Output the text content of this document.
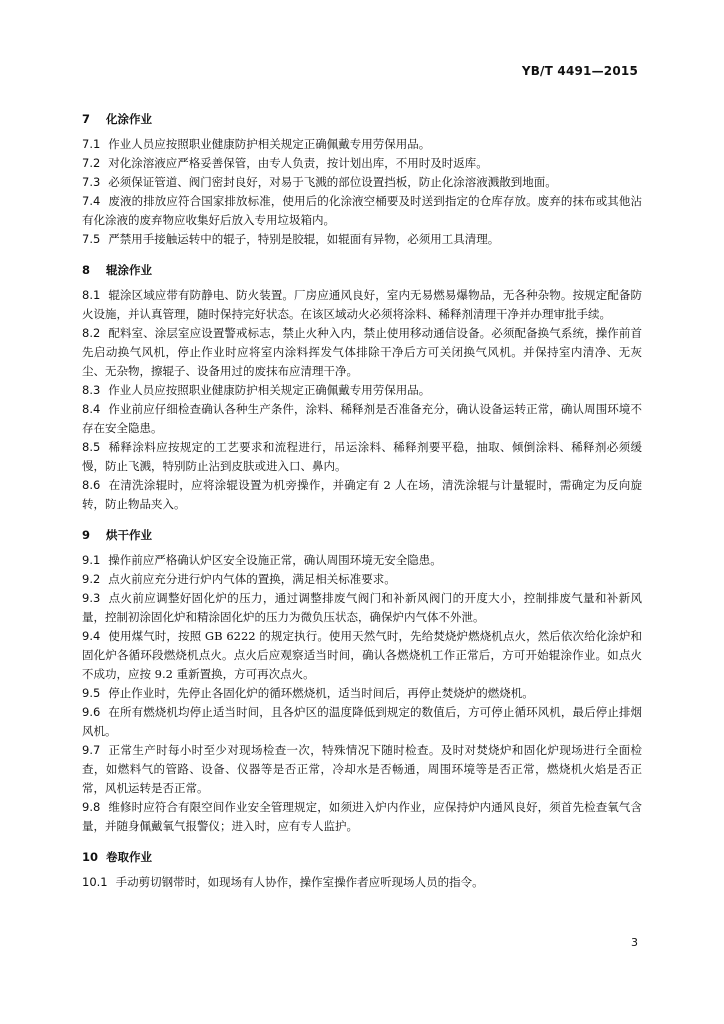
YB/T 4491—2015
7 化涂作业

7.1 作业人员应按照职业健康防护相关规定正确佩戴专用劳保用品。

7.2 对化涂溶液应严格妥善保管，由专人负责，按计划出库，不用时及时返库。

7.3 必须保证管道、阀门密封良好，对易于飞溅的部位设置挡板，防止化涂溶液溅散到地面。

7.4 废液的排放应符合国家排放标准，使用后的化涂液空桶要及时送到指定的仓库存放。废弃的抹布或其他沾有化涂液的废弃物应收集好后放入专用垃圾箱内。

7.5 严禁用手接触运转中的辊子，特别是胶辊，如辊面有异物，必须用工具清理。

8 辊涂作业

8.1 辊涂区域应带有防静电、防火装置。厂房应通风良好，室内无易燃易爆物品，无各种杂物。按规定配备防火设施，并认真管理，随时保持完好状态。在该区域动火必须将涂料、稀释剂清理干净并办理审批手续。

8.2 配料室、涂层室应设置警戒标志，禁止火种入内，禁止使用移动通信设备。必须配备换气系统，操作前首先启动换气风机，停止作业时应将室内涂料挥发气体排除干净后方可关闭换气风机。并保持室内清净、无灰尘、无杂物，擦辊子、设备用过的废抹布应清理干净。

8.3 作业人员应按照职业健康防护相关规定正确佩戴专用劳保用品。

8.4 作业前应仔细检查确认各种生产条件，涂料、稀释剂是否准备充分，确认设备运转正常，确认周围环境不存在安全隐患。

8.5 稀释涂料应按规定的工艺要求和流程进行，吊运涂料、稀释剂要平稳，抽取、倾倒涂料、稀释剂必须缓慢，防止飞溅，特别防止沾到皮肤或进入口、鼻内。

8.6 在清洗涂辊时，应将涂辊设置为机旁操作，并确定有 2 人在场，清洗涂辊与计量辊时，需确定为反向旋转，防止物品夹入。

9 烘干作业

9.1 操作前应严格确认炉区安全设施正常，确认周围环境无安全隐患。

9.2 点火前应充分进行炉内气体的置换，满足相关标准要求。

9.3 点火前应调整好固化炉的压力，通过调整排废气阀门和补新风阀门的开度大小，控制排废气量和补新风量，控制初涂固化炉和精涂固化炉的压力为微负压状态，确保炉内气体不外泄。

9.4 使用煤气时，按照 GB 6222 的规定执行。使用天然气时，先给焚烧炉燃烧机点火，然后依次给化涂炉和固化炉各循环段燃烧机点火。点火后应观察适当时间，确认各燃烧机工作正常后，方可开始辊涂作业。如点火不成功，应按 9.2 重新置换，方可再次点火。

9.5 停止作业时，先停止各固化炉的循环燃烧机，适当时间后，再停止焚烧炉的燃烧机。

9.6 在所有燃烧机均停止适当时间，且各炉区的温度降低到规定的数值后，方可停止循环风机，最后停止排烟风机。

9.7 正常生产时每小时至少对现场检查一次，特殊情况下随时检查。及时对焚烧炉和固化炉现场进行全面检查，如燃料气的管路、设备、仪器等是否正常，冷却水是否畅通，周围环境等是否正常，燃烧机火焰是否正常，风机运转是否正常。

9.8 维修时应符合有限空间作业安全管理规定，如须进入炉内作业，应保持炉内通风良好，须首先检查氧气含量，并随身佩戴氧气报警仪；进入时，应有专人监护。

10 卷取作业

10.1 手动剪切钢带时，如现场有人协作，操作室操作者应听现场人员的指令。

3
